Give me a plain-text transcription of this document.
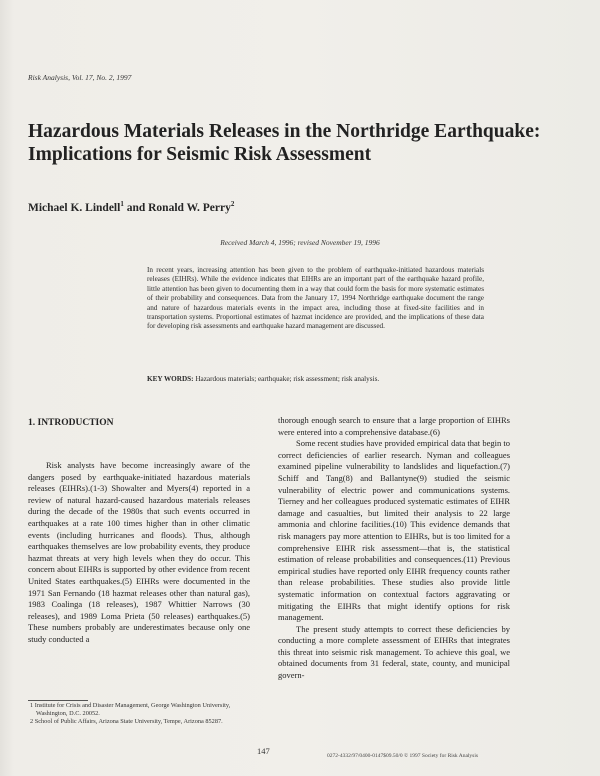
Risk Analysis, Vol. 17, No. 2, 1997
Hazardous Materials Releases in the Northridge Earthquake: Implications for Seismic Risk Assessment
Michael K. Lindell$^1$ and Ronald W. Perry$^2$
Received March 4, 1996; revised November 19, 1996
In recent years, increasing attention has been given to the problem of earthquake-initiated hazardous materials releases (EIHRs). While the evidence indicates that EIHRs are an important part of the earthquake hazard profile, little attention has been given to documenting them in a way that could form the basis for more systematic estimates of their probability and consequences. Data from the January 17, 1994 Northridge earthquake document the range and nature of hazardous materials events in the impact area, including those at fixed-site facilities and in transportation systems. Proportional estimates of hazmat incidence are provided, and the implications of these data for developing risk assessments and earthquake hazard management are discussed.
KEY WORDS: Hazardous materials; earthquake; risk assessment; risk analysis.
1. INTRODUCTION

Risk analysts have become increasingly aware of the dangers posed by earthquake-initiated hazardous materials releases (EIHRs).(1-3) Showalter and Myers(4) reported in a review of natural hazard-caused hazardous materials releases during the decade of the 1980s that such events occurred in earthquakes at a rate 100 times higher than in other climatic events (including hurricanes and floods). Thus, although earthquakes themselves are low probability events, they produce hazmat threats at very high levels when they do occur. This concern about EIHRs is supported by other evidence from recent United States earthquakes.(5) EIHRs were documented in the 1971 San Fernando (18 hazmat releases other than natural gas), 1983 Coalinga (18 releases), 1987 Whittier Narrows (30 releases), and 1989 Loma Prieta (50 releases) earthquakes.(5) These numbers probably are underestimates because only one study conducted a

thorough enough search to ensure that a large proportion of EIHRs were entered into a comprehensive database.(6)

Some recent studies have provided empirical data that begin to correct deficiencies of earlier research. Nyman and colleagues examined pipeline vulnerability to landslides and liquefaction.(7) Schiff and Tang(8) and Ballantyne(9) studied the seismic vulnerability of electric power and communications systems. Tierney and her colleagues produced systematic estimates of EIHR damage and casualties, but limited their analysis to 22 large ammonia and chlorine facilities.(10) This evidence demands that risk managers pay more attention to EIHRs, but is too limited for a comprehensive EIHR risk assessment—that is, the statistical estimation of release probabilities and consequences.(11) Previous empirical studies have reported only EIHR frequency counts rather than release probabilities. These studies also provide little systematic information on contextual factors aggravating or mitigating the EIHRs that might identify options for risk management.

The present study attempts to correct these deficiencies by conducting a more complete assessment of EIHRs that integrates this threat into seismic risk management. To achieve this goal, we obtained documents from 31 federal, state, county, and municipal govern-

1 Institute for Crisis and Disaster Management, George Washington University, Washington, D.C. 20052.

2 School of Public Affairs, Arizona State University, Tempe, Arizona 85287.

147	0272-4332/97/0400-0147$09.50/0 © 1997 Society for Risk Analysis
